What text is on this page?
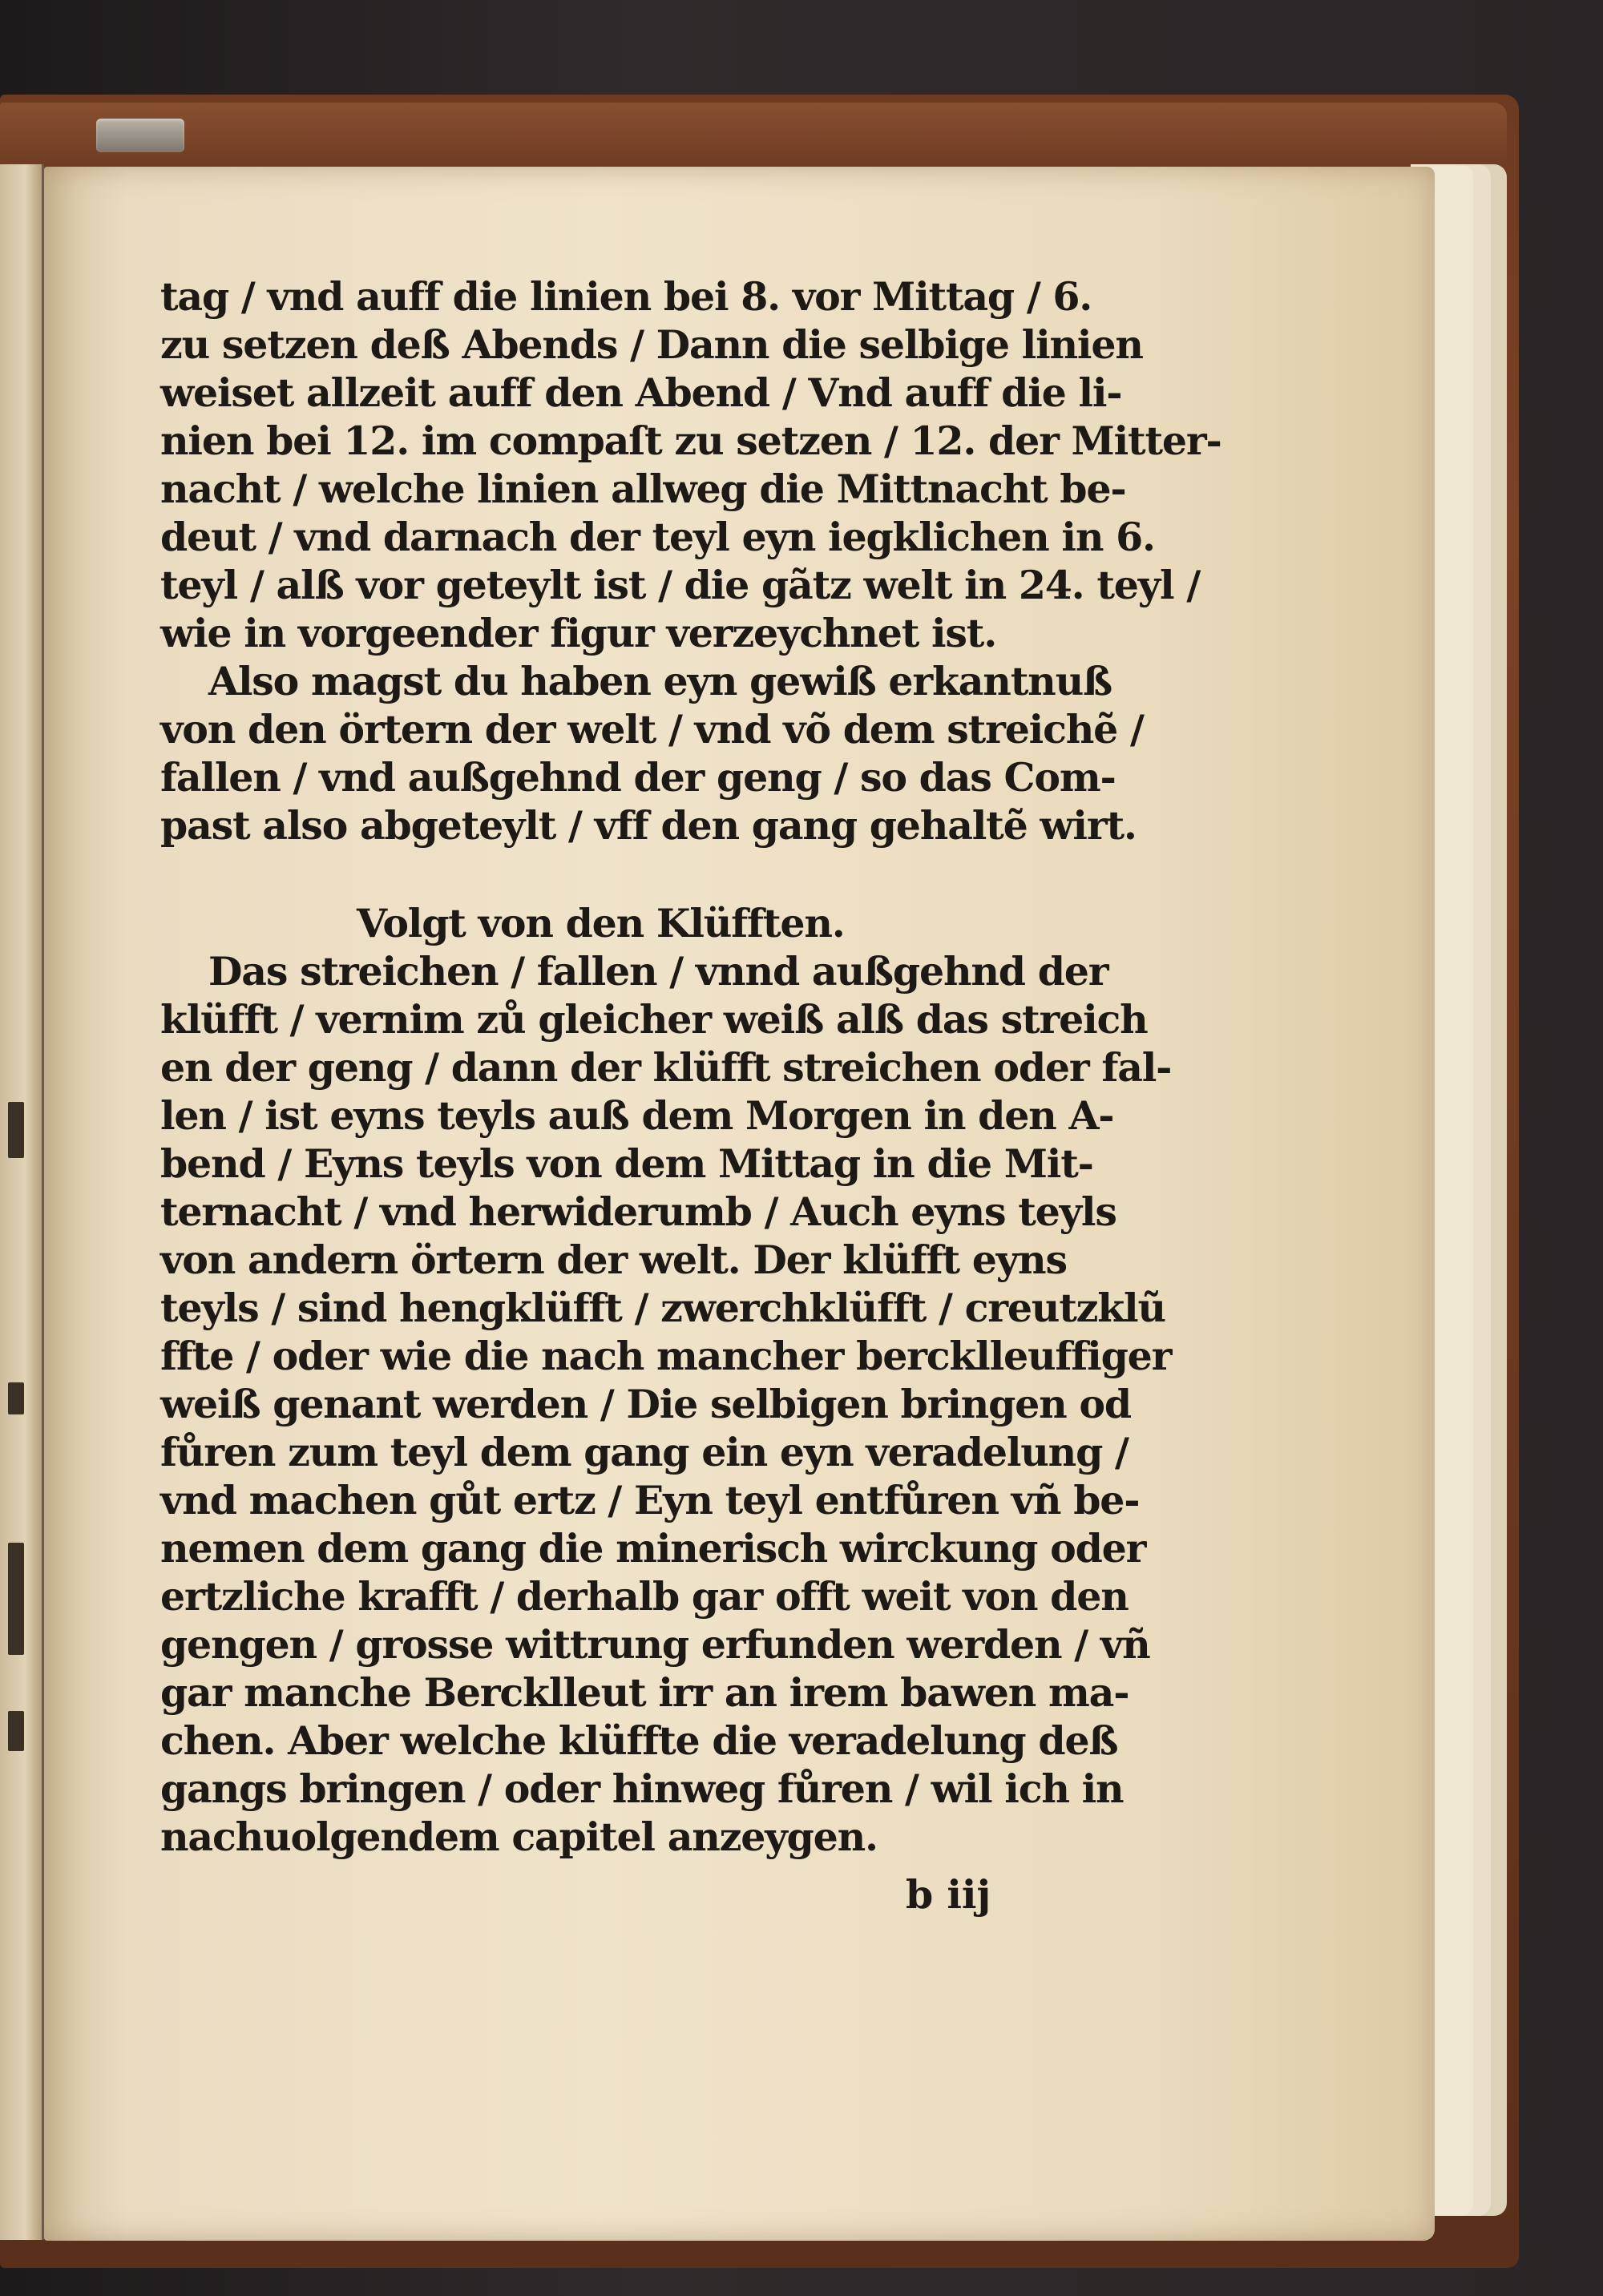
tag / vnd auff die linien bei 8. vor Mittag / 6.
zu setzen deß Abends / Dann die selbige linien
weiset allzeit auff den Abend / Vnd auff die li-
nien bei 12. im compaſt zu setzen / 12. der Mitter-
nacht / welche linien allweg die Mittnacht be-
deut / vnd darnach der teyl eyn iegklichen in 6.
teyl / alß vor geteylt ist / die gãtz welt in 24. teyl /
wie in vorgeender figur verzeychnet ist.
Also magst du haben eyn gewiß erkantnuß
von den örtern der welt / vnd võ dem streichẽ /
fallen / vnd außgehnd der geng / so das Com-
past also abgeteylt / vff den gang gehaltẽ wirt.
Volgt von den Klüfften.
Das streichen / fallen / vnnd außgehnd der
klüfft / vernim zů gleicher weiß alß das streich
en der geng / dann der klüfft streichen oder fal-
len / ist eyns teyls auß dem Morgen in den A-
bend / Eyns teyls von dem Mittag in die Mit-
ternacht / vnd herwiderumb / Auch eyns teyls
von andern örtern der welt. Der klüfft eyns
teyls / sind hengklüfft / zwerchklüfft / creutzklũ
ffte / oder wie die nach mancher bercklleuffiger
weiß genant werden / Die selbigen bringen od
fůren zum teyl dem gang ein eyn veradelung /
vnd machen gůt ertz / Eyn teyl entfůren vñ be-
nemen dem gang die minerisch wirckung oder
ertzliche krafft / derhalb gar offt weit von den
gengen / grosse wittrung erfunden werden / vñ
gar manche Bercklleut irr an irem bawen ma-
chen. Aber welche klüffte die veradelung deß
gangs bringen / oder hinweg fůren / wil ich in
nachuolgendem capitel anzeygen.
b iij
